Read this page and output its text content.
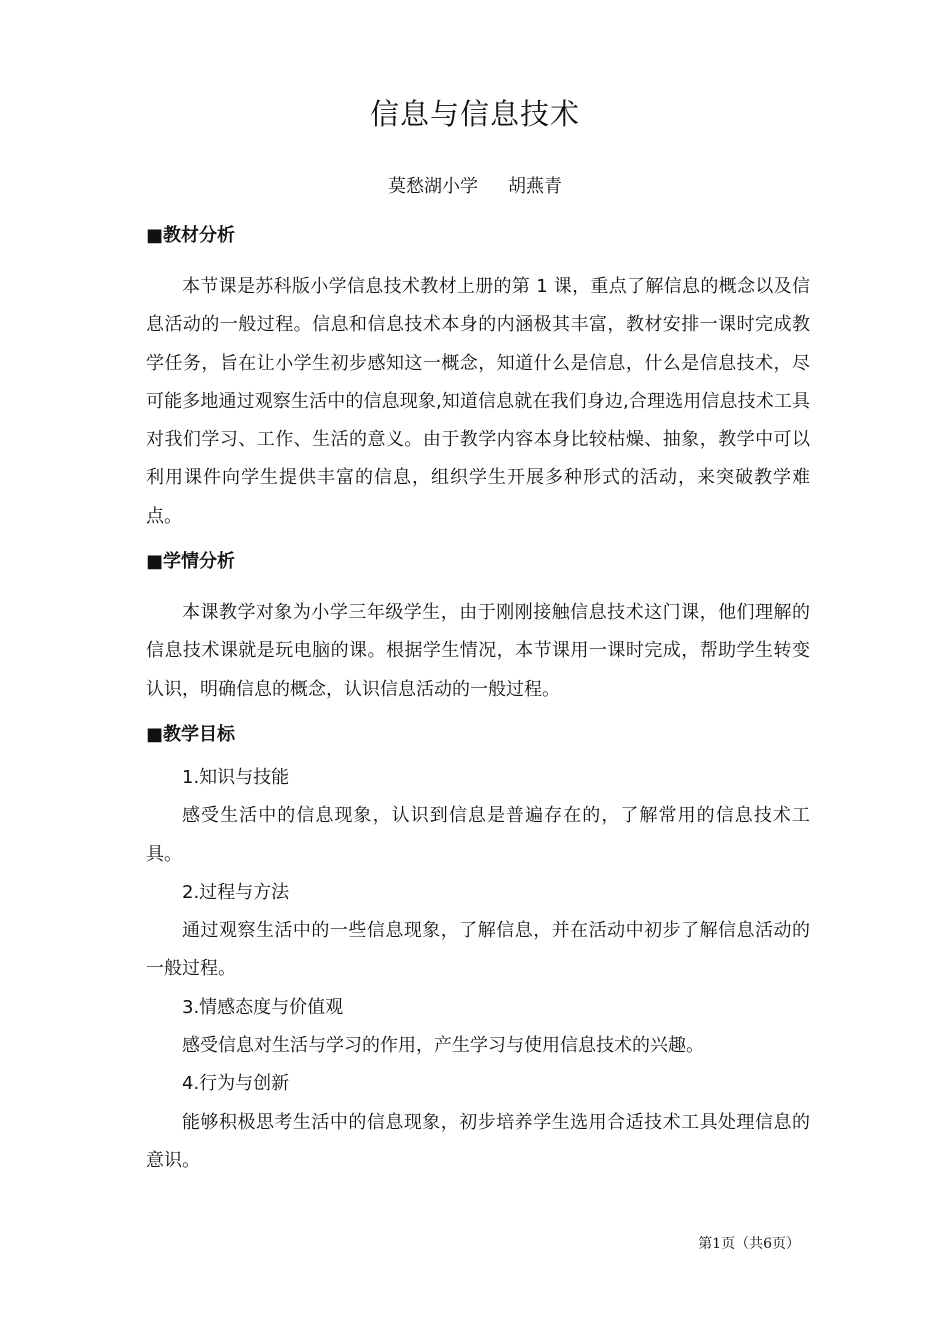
信息与信息技术
莫愁湖小学 胡燕青
■教材分析

本节课是苏科版小学信息技术教材上册的第 1 课，重点了解信息的概念以及信息活动的一般过程。信息和信息技术本身的内涵极其丰富，教材安排一课时完成教学任务，旨在让小学生初步感知这一概念，知道什么是信息，什么是信息技术，尽可能多地通过观察生活中的信息现象,知道信息就在我们身边,合理选用信息技术工具对我们学习、工作、生活的意义。由于教学内容本身比较枯燥、抽象，教学中可以利用课件向学生提供丰富的信息，组织学生开展多种形式的活动，来突破教学难点。

■学情分析

本课教学对象为小学三年级学生，由于刚刚接触信息技术这门课，他们理解的信息技术课就是玩电脑的课。根据学生情况，本节课用一课时完成，帮助学生转变认识，明确信息的概念，认识信息活动的一般过程。

■教学目标

1.知识与技能

感受生活中的信息现象，认识到信息是普遍存在的，了解常用的信息技术工具。

2.过程与方法

通过观察生活中的一些信息现象，了解信息，并在活动中初步了解信息活动的一般过程。

3.情感态度与价值观

感受信息对生活与学习的作用，产生学习与使用信息技术的兴趣。

4.行为与创新

能够积极思考生活中的信息现象，初步培养学生选用合适技术工具处理信息的意识。

第1页（共6页）
